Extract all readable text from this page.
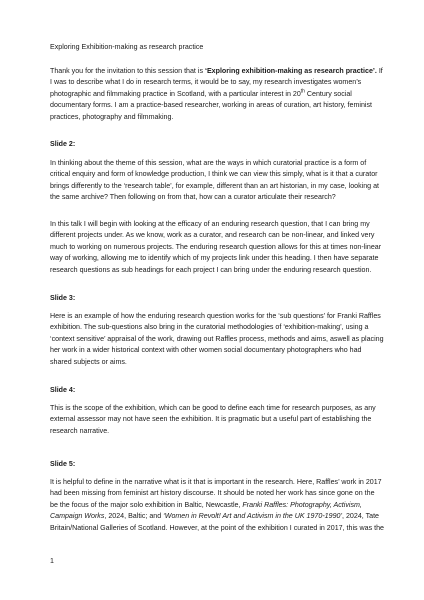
Exploring Exhibition-making as research practice

Thank you for the invitation to this session that is ‘Exploring exhibition-making as research practice’. If I was to describe what I do in research terms, it would be to say, my research investigates women’s photographic and filmmaking practice in Scotland, with a particular interest in 20th Century social documentary forms. I am a practice-based researcher, working in areas of curation, art history, feminist practices, photography and filmmaking.

Slide 2:

In thinking about the theme of this session, what are the ways in which curatorial practice is a form of critical enquiry and form of knowledge production, I think we can view this simply, what is it that a curator brings differently to the ‘research table’, for example, different than an art historian, in my case, looking at the same archive? Then following on from that, how can a curator articulate their research?

In this talk I will begin with looking at the efficacy of an enduring research question, that I can bring my different projects under. As we know, work as a curator, and research can be non-linear, and linked very much to working on numerous projects. The enduring research question allows for this at times non-linear way of working, allowing me to identify which of my projects link under this heading. I then have separate research questions as sub headings for each project I can bring under the enduring research question.

Slide 3:

Here is an example of how the enduring research question works for the ‘sub questions’ for Franki Raffles exhibition. The sub-questions also bring in the curatorial methodologies of ‘exhibition-making’, using a ‘context sensitive’ appraisal of the work, drawing out Raffles process, methods and aims, aswell as placing her work in a wider historical context with other women social documentary photographers who had shared subjects or aims.

Slide 4:

This is the scope of the exhibition, which can be good to define each time for research purposes, as any external assessor may not have seen the exhibition. It is pragmatic but a useful part of establishing the research narrative.

Slide 5:

It is helpful to define in the narrative what is it that is important in the research. Here, Raffles’ work in 2017 had been missing from feminist art history discourse. It should be noted her work has since gone on the be the focus of the major solo exhibition in Baltic, Newcastle, Franki Raffles: Photography, Activism, Campaign Works, 2024, Baltic; and ‘Women in Revolt! Art and Activism in the UK 1970-1990’, 2024, Tate Britain/National Galleries of Scotland. However, at the point of the exhibition I curated in 2017, this was the

1
